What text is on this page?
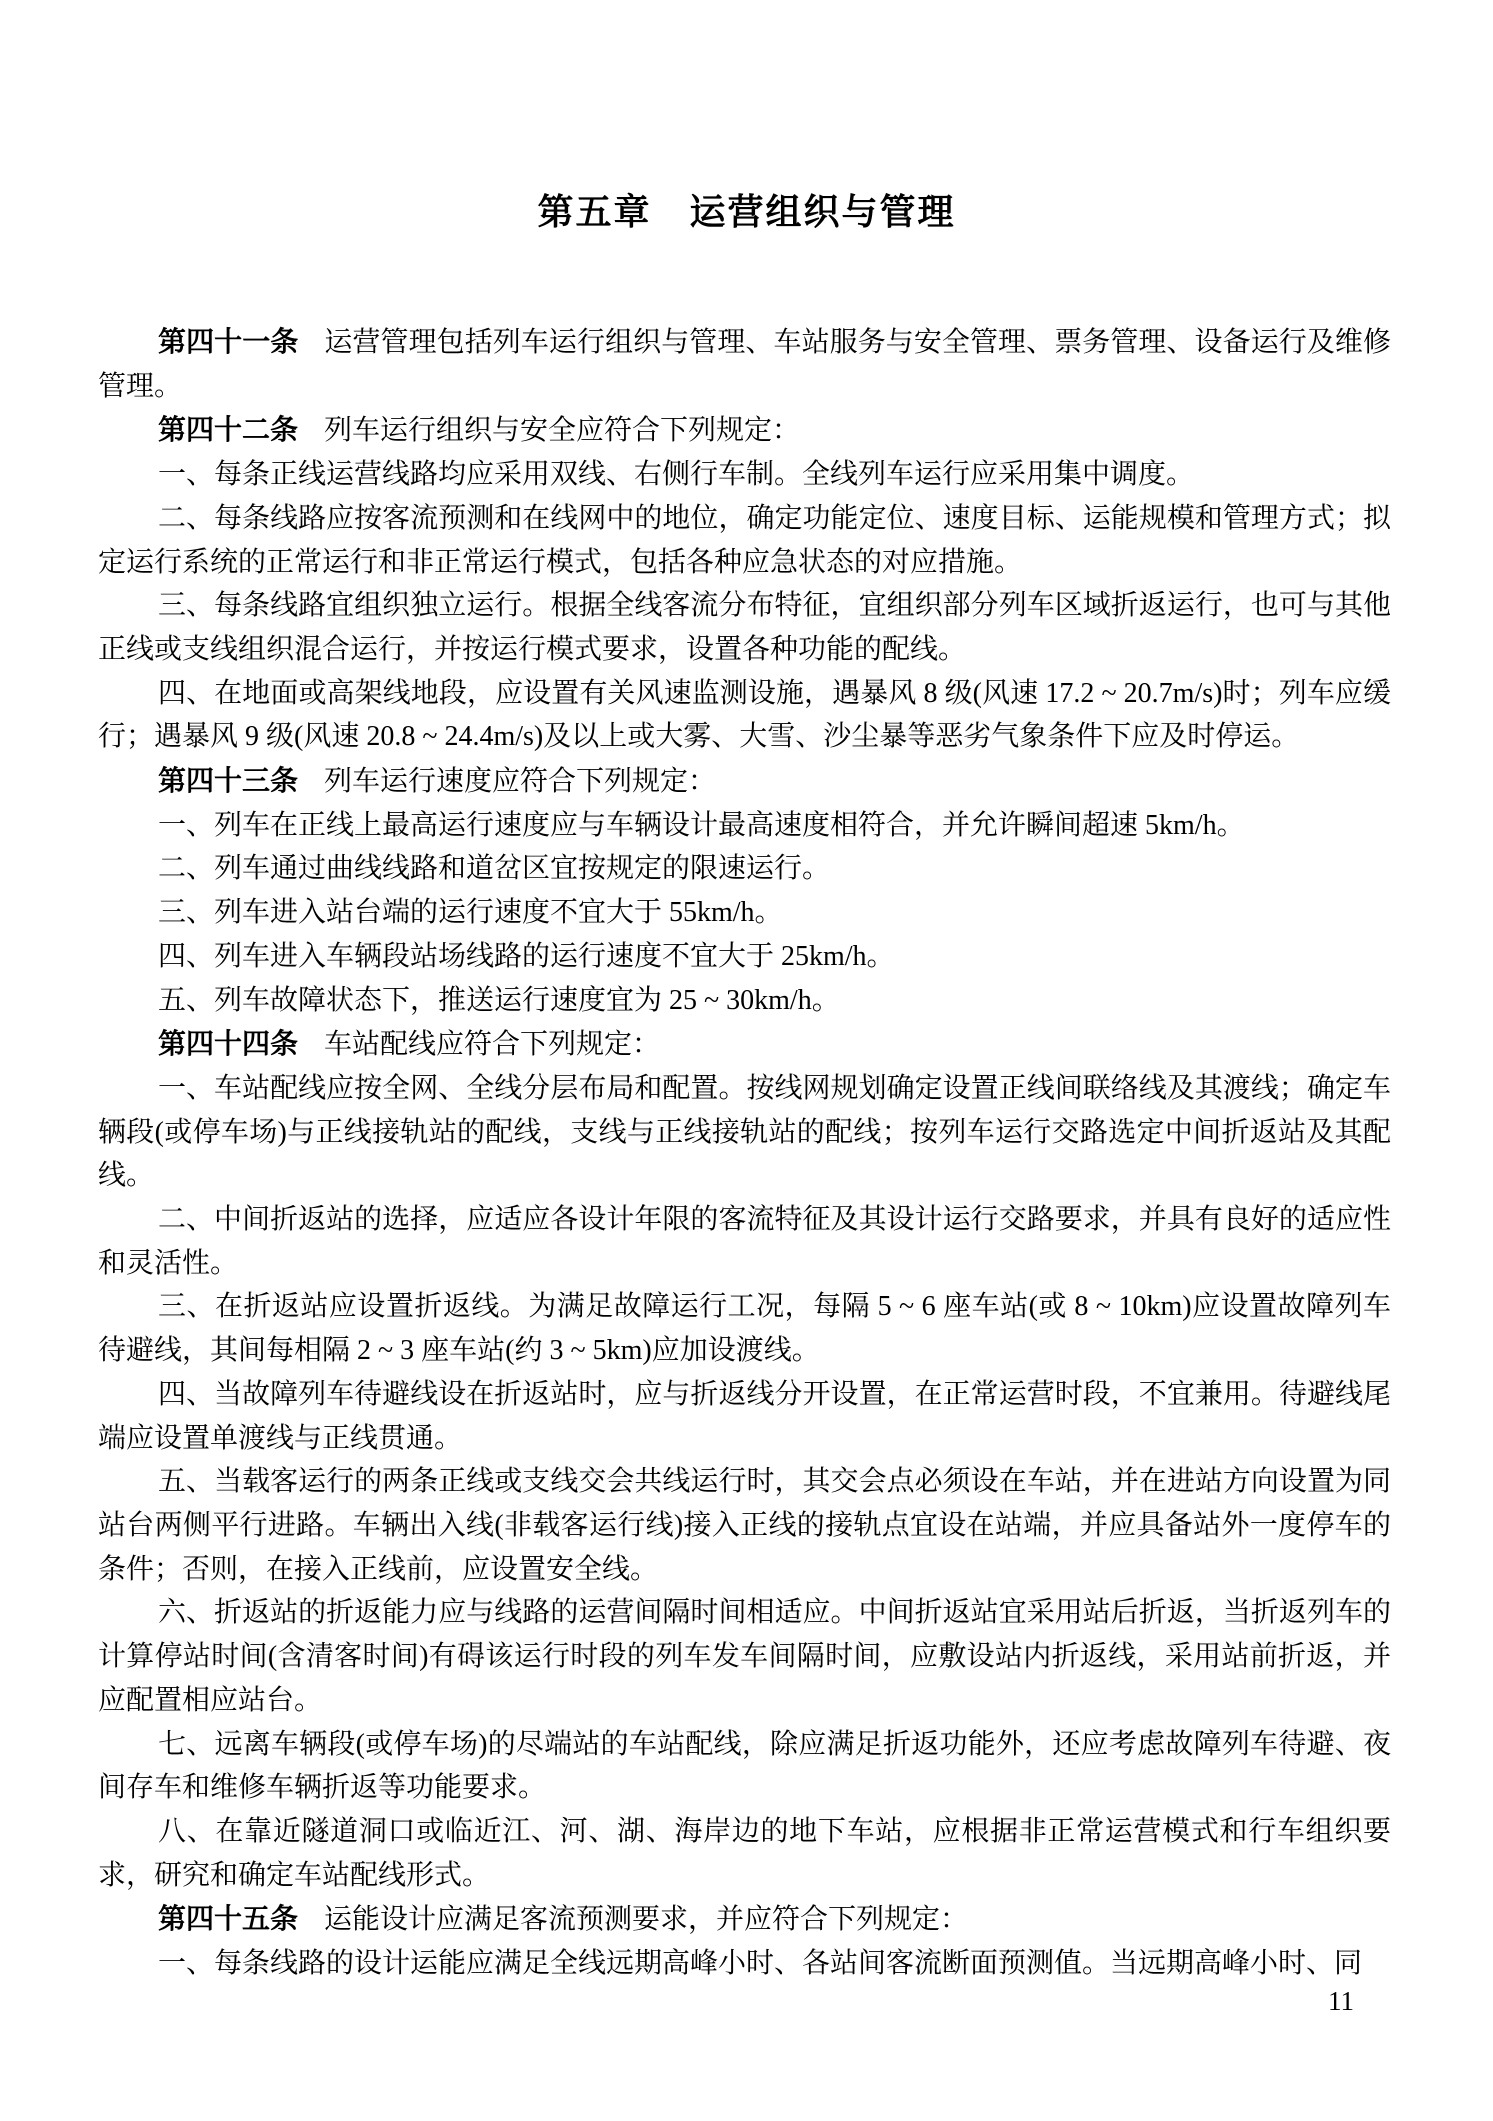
第五章　运营组织与管理

第四十一条 运营管理包括列车运行组织与管理、车站服务与安全管理、票务管理、设备运行及维修管理。

第四十二条 列车运行组织与安全应符合下列规定：

一、每条正线运营线路均应采用双线、右侧行车制。全线列车运行应采用集中调度。

二、每条线路应按客流预测和在线网中的地位，确定功能定位、速度目标、运能规模和管理方式；拟定运行系统的正常运行和非正常运行模式，包括各种应急状态的对应措施。

三、每条线路宜组织独立运行。根据全线客流分布特征，宜组织部分列车区域折返运行，也可与其他正线或支线组织混合运行，并按运行模式要求，设置各种功能的配线。

四、在地面或高架线地段，应设置有关风速监测设施，遇暴风 8 级(风速 17.2 ~ 20.7m/s)时；列车应缓行；遇暴风 9 级(风速 20.8 ~ 24.4m/s)及以上或大雾、大雪、沙尘暴等恶劣气象条件下应及时停运。

第四十三条 列车运行速度应符合下列规定：

一、列车在正线上最高运行速度应与车辆设计最高速度相符合，并允许瞬间超速 5km/h。

二、列车通过曲线线路和道岔区宜按规定的限速运行。

三、列车进入站台端的运行速度不宜大于 55km/h。

四、列车进入车辆段站场线路的运行速度不宜大于 25km/h。

五、列车故障状态下，推送运行速度宜为 25 ~ 30km/h。

第四十四条 车站配线应符合下列规定：

一、车站配线应按全网、全线分层布局和配置。按线网规划确定设置正线间联络线及其渡线；确定车辆段(或停车场)与正线接轨站的配线，支线与正线接轨站的配线；按列车运行交路选定中间折返站及其配线。

二、中间折返站的选择，应适应各设计年限的客流特征及其设计运行交路要求，并具有良好的适应性和灵活性。

三、在折返站应设置折返线。为满足故障运行工况，每隔 5 ~ 6 座车站(或 8 ~ 10km)应设置故障列车待避线，其间每相隔 2 ~ 3 座车站(约 3 ~ 5km)应加设渡线。

四、当故障列车待避线设在折返站时，应与折返线分开设置，在正常运营时段，不宜兼用。待避线尾端应设置单渡线与正线贯通。

五、当载客运行的两条正线或支线交会共线运行时，其交会点必须设在车站，并在进站方向设置为同站台两侧平行进路。车辆出入线(非载客运行线)接入正线的接轨点宜设在站端，并应具备站外一度停车的条件；否则，在接入正线前，应设置安全线。

六、折返站的折返能力应与线路的运营间隔时间相适应。中间折返站宜采用站后折返，当折返列车的计算停站时间(含清客时间)有碍该运行时段的列车发车间隔时间，应敷设站内折返线，采用站前折返，并应配置相应站台。

七、远离车辆段(或停车场)的尽端站的车站配线，除应满足折返功能外，还应考虑故障列车待避、夜间存车和维修车辆折返等功能要求。

八、在靠近隧道洞口或临近江、河、湖、海岸边的地下车站，应根据非正常运营模式和行车组织要求，研究和确定车站配线形式。

第四十五条 运能设计应满足客流预测要求，并应符合下列规定：

一、每条线路的设计运能应满足全线远期高峰小时、各站间客流断面预测值。当远期高峰小时、同

11
